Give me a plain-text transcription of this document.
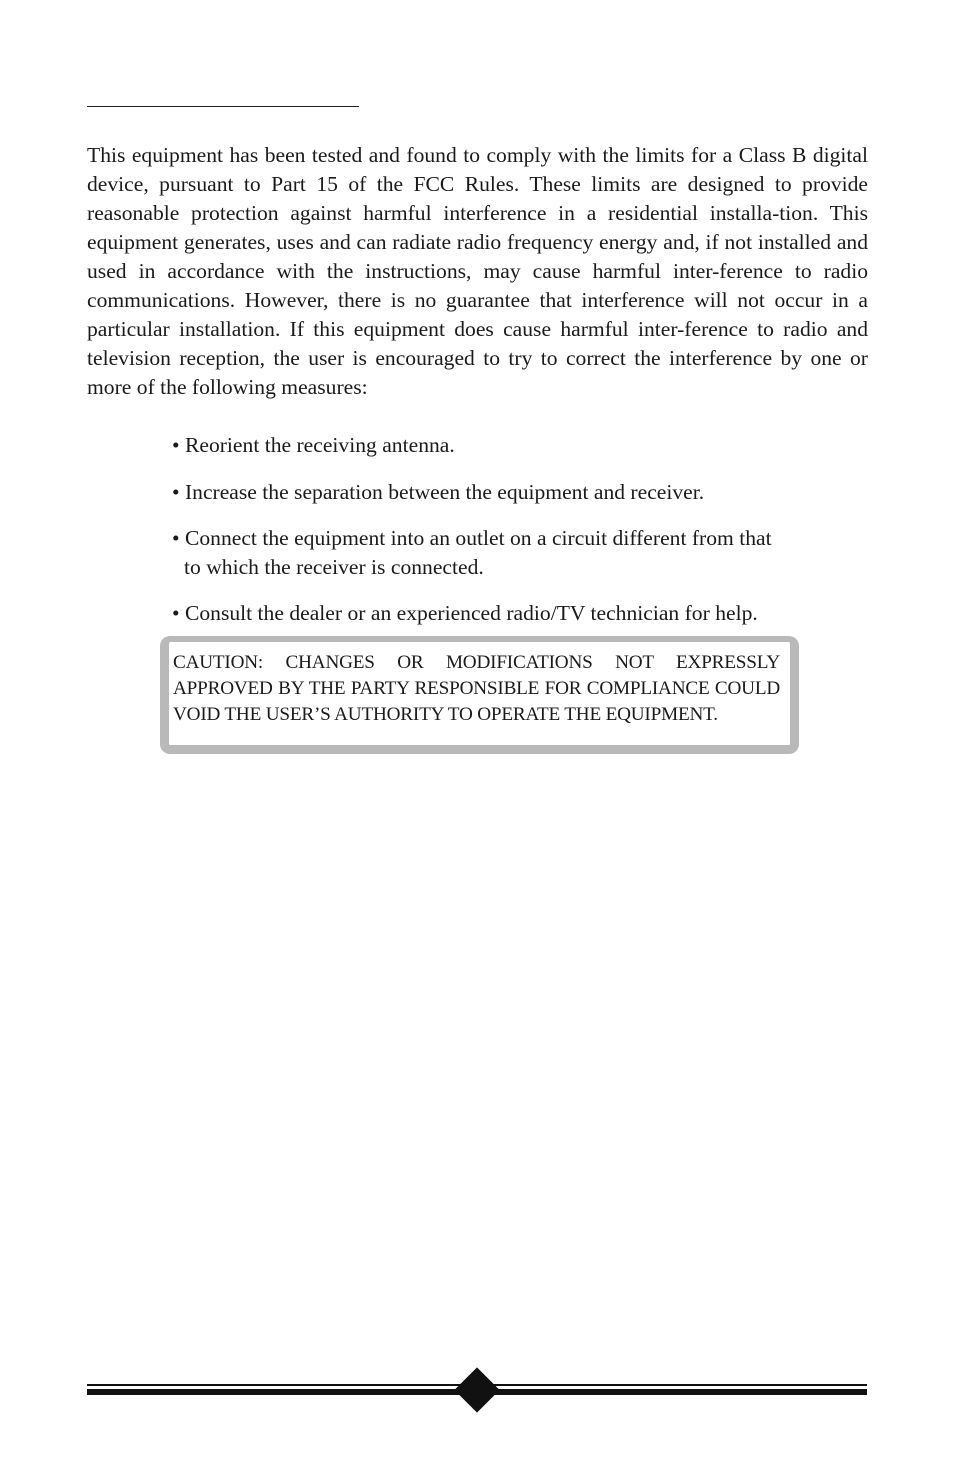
This equipment has been tested and found to comply with the limits for a Class B digital device, pursuant to Part 15 of the FCC Rules. These limits are designed to provide reasonable protection against harmful interference in a residential installa-tion. This equipment generates, uses and can radiate radio frequency energy and, if not installed and used in accordance with the instructions, may cause harmful inter-ference to radio communications. However, there is no guarantee that interference will not occur in a particular installation. If this equipment does cause harmful inter-ference to radio and television reception, the user is encouraged to try to correct the interference by one or more of the following measures:

• Reorient the receiving antenna.
• Increase the separation between the equipment and receiver.
• Connect the equipment into an outlet on a circuit different from that
to which the receiver is connected.
• Consult the dealer or an experienced radio/TV technician for help.

CAUTION: CHANGES OR MODIFICATIONS NOT EXPRESSLY APPROVED BY THE PARTY RESPONSIBLE FOR COMPLIANCE COULD VOID THE USER’S AUTHORITY TO OPERATE THE EQUIPMENT.
